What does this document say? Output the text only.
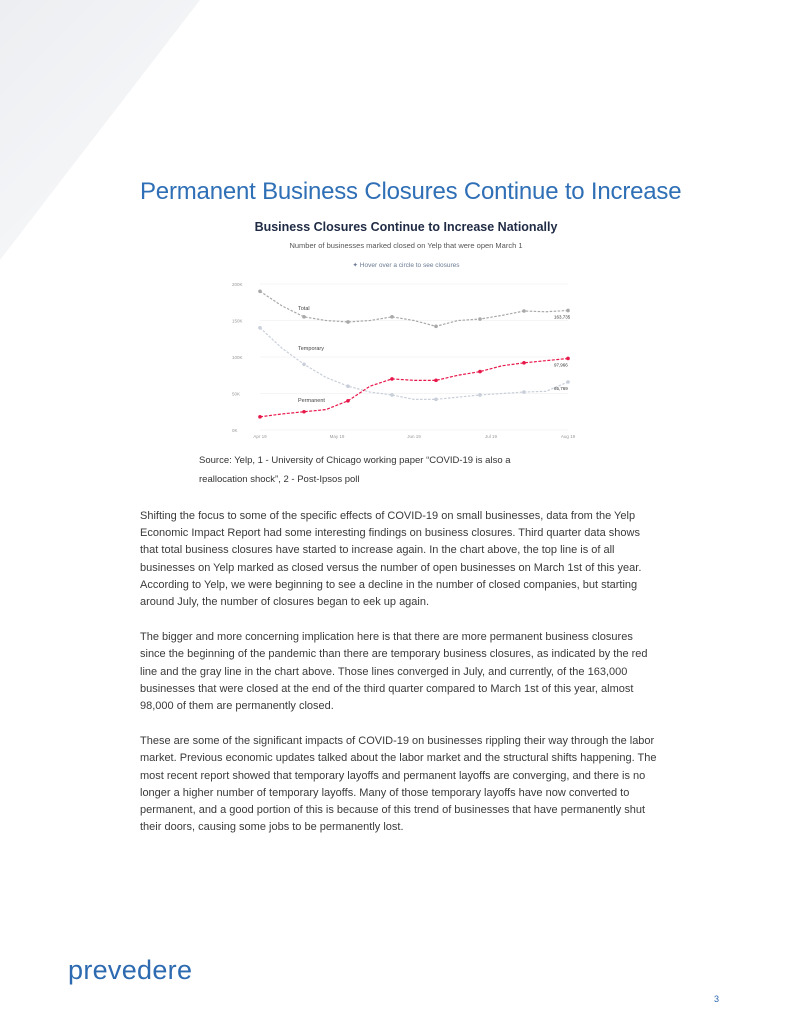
Permanent Business Closures Continue to Increase
Business Closures Continue to Increase Nationally
Number of businesses marked closed on Yelp that were open March 1
✦ Hover over a circle to see closures
200K
150K
100K
50K
0K
Apr 19	May 19	Jun 19	Jul 19	Aug 19
Total
163,735
Temporary
65,769
Permanent
97,966

Source: Yelp, 1 - University of Chicago working paper “COVID-19 is also a reallocation shock”, 2 - Post-Ipsos poll

Shifting the focus to some of the specific effects of COVID-19 on small businesses, data from the Yelp Economic Impact Report had some interesting findings on business closures. Third quarter data shows that total business closures have started to increase again. In the chart above, the top line is of all businesses on Yelp marked as closed versus the number of open businesses on March 1st of this year. According to Yelp, we were beginning to see a decline in the number of closed companies, but starting around July, the number of closures began to eek up again.

The bigger and more concerning implication here is that there are more permanent business closures since the beginning of the pandemic than there are temporary business closures, as indicated by the red line and the gray line in the chart above. Those lines converged in July, and currently, of the 163,000 businesses that were closed at the end of the third quarter compared to March 1st of this year, almost 98,000 of them are permanently closed.

These are some of the significant impacts of COVID-19 on businesses rippling their way through the labor market. Previous economic updates talked about the labor market and the structural shifts happening. The most recent report showed that temporary layoffs and permanent layoffs are converging, and there is no longer a higher number of temporary layoffs. Many of those temporary layoffs have now converted to permanent, and a good portion of this is because of this trend of businesses that have permanently shut their doors, causing some jobs to be permanently lost.

prevedere
3
